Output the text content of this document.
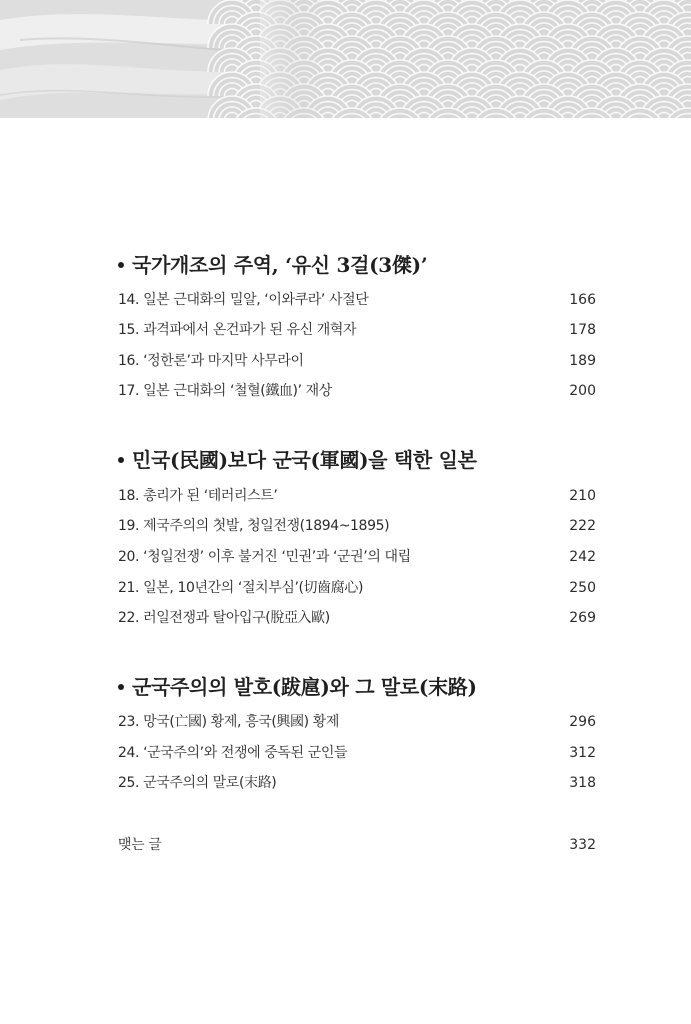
국가개조의 주역, ‘유신 3걸(3傑)’
14. 일본 근대화의 밀알, ‘이와쿠라’ 사절단	166
15. 과격파에서 온건파가 된 유신 개혁자	178
16. ‘정한론’과 마지막 사무라이	189
17. 일본 근대화의 ‘철혈(鐵血)’ 재상	200
민국(民國)보다 군국(軍國)을 택한 일본
18. 총리가 된 ‘테러리스트’	210
19. 제국주의의 첫발, 청일전쟁(1894~1895)	222
20. ‘청일전쟁’ 이후 불거진 ‘민권’과 ‘군권’의 대립	242
21. 일본, 10년간의 ‘절치부심’(切齒腐心)	250
22. 러일전쟁과 탈아입구(脫亞入歐)	269
군국주의의 발호(跋扈)와 그 말로(末路)
23. 망국(亡國) 황제, 흥국(興國) 황제	296
24. ‘군국주의’와 전쟁에 중독된 군인들	312
25. 군국주의의 말로(末路)	318
맺는 글	332
